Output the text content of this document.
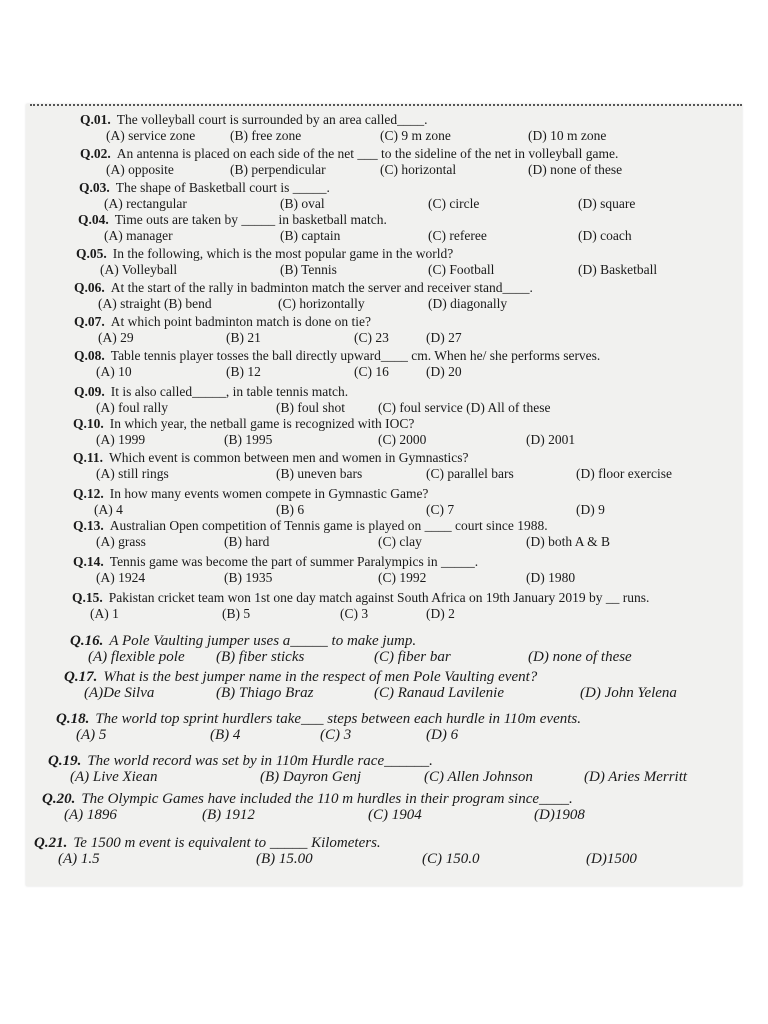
Q.01. The volleyball court is surrounded by an area called____.
(A) service zone	(B) free zone	(C) 9 m zone	(D) 10 m zone
Q.02. An antenna is placed on each side of the net ___ to the sideline of the net in volleyball game.
(A) opposite	(B) perpendicular	(C) horizontal	(D) none of these
Q.03. The shape of Basketball court is _____.
(A) rectangular	(B) oval	(C) circle	(D) square
Q.04. Time outs are taken by _____ in basketball match.
(A) manager	(B) captain	(C) referee	(D) coach
Q.05. In the following, which is the most popular game in the world?
(A) Volleyball	(B) Tennis	(C) Football	(D) Basketball
Q.06. At the start of the rally in badminton match the server and receiver stand____.
(A) straight (B) bend	(C) horizontally	(D) diagonally
Q.07. At which point badminton match is done on tie?
(A) 29	(B) 21	(C) 23	(D) 27
Q.08. Table tennis player tosses the ball directly upward____ cm. When he/ she performs serves.
(A) 10	(B) 12	(C) 16	(D) 20
Q.09. It is also called_____, in table tennis match.
(A) foul rally	(B) foul shot (C) foul service (D) All of these
Q.10. In which year, the netball game is recognized with IOC?
(A) 1999	(B) 1995	(C) 2000	(D) 2001
Q.11. Which event is common between men and women in Gymnastics?
(A) still rings	(B) uneven bars	(C) parallel bars	(D) floor exercise
Q.12. In how many events women compete in Gymnastic Game?
(A) 4	(B) 6	(C) 7	(D) 9
Q.13. Australian Open competition of Tennis game is played on ____ court since 1988.
(A) grass	(B) hard	(C) clay	(D) both A & B
Q.14. Tennis game was become the part of summer Paralympics in _____.
(A) 1924	(B) 1935	(C) 1992	(D) 1980
Q.15. Pakistan cricket team won 1st one day match against South Africa on 19th January 2019 by __ runs.
(A) 1	(B) 5	(C) 3	(D) 2
Q.16. A Pole Vaulting jumper uses a_____ to make jump.
(A) flexible pole (B) fiber sticks	(C) fiber bar	(D) none of these
Q.17. What is the best jumper name in the respect of men Pole Vaulting event?
(A)De Silva	(B) Thiago Braz	(C) Ranaud Lavilenie	(D) John Yelena
Q.18. The world top sprint hurdlers take___ steps between each hurdle in 110m events.
(A) 5	(B) 4	(C) 3	(D) 6
Q.19. The world record was set by in 110m Hurdle race______.
(A) Live Xiean	(B) Dayron Genj	(C) Allen Johnson	(D) Aries Merritt
Q.20. The Olympic Games have included the 110 m hurdles in their program since____.
(A) 1896	(B) 1912	(C) 1904	(D)1908
Q.21. Te 1500 m event is equivalent to _____ Kilometers.
(A) 1.5	(B) 15.00	(C) 150.0	(D)1500
